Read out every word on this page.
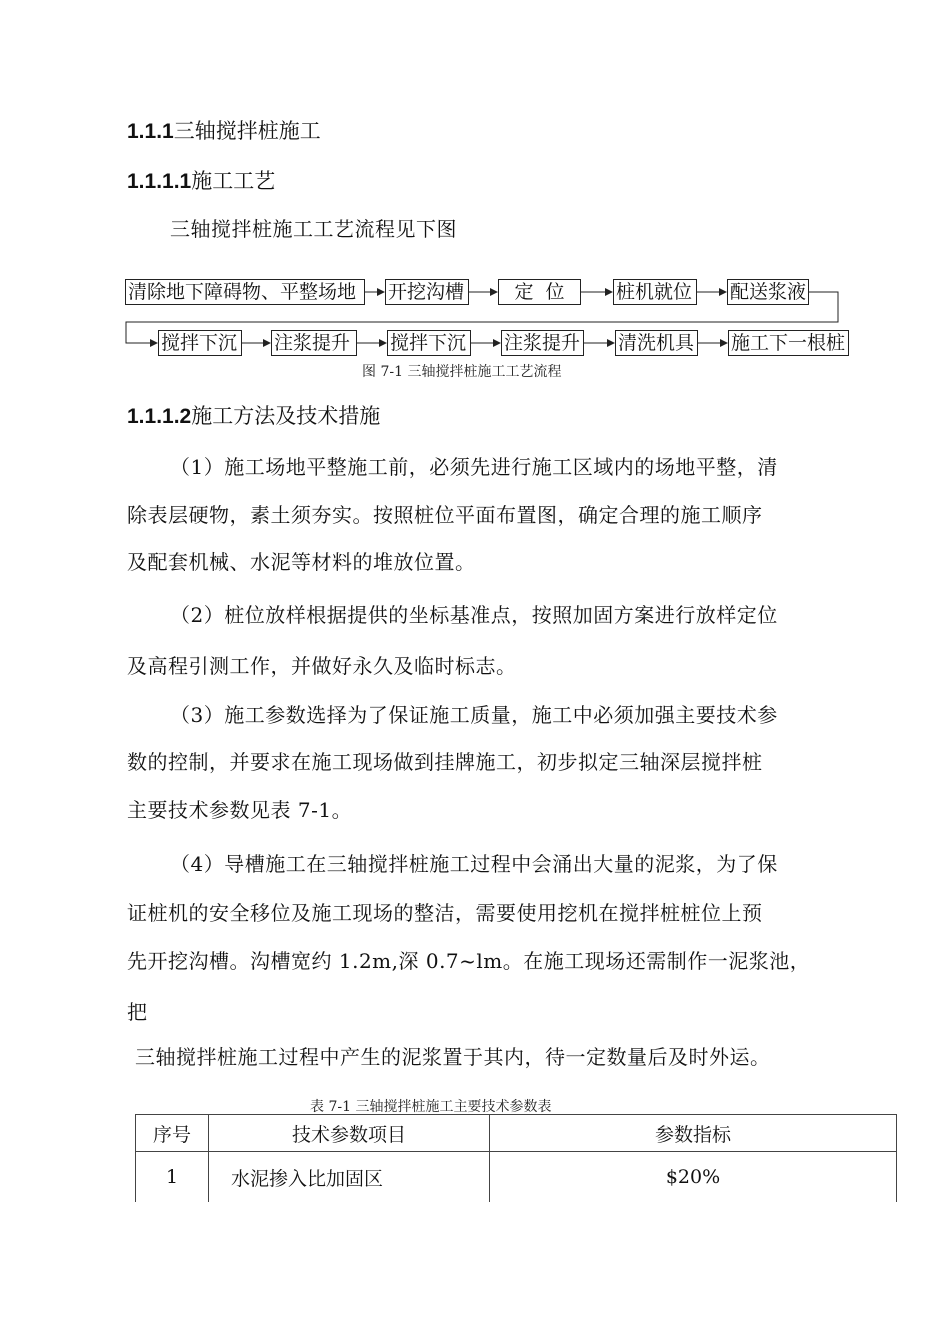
1.1.1三轴搅拌桩施工
1.1.1.1施工工艺
三轴搅拌桩施工工艺流程见下图
清除地下障碍物、平整场地	开挖沟槽	定  位	桩机就位 配送浆液
搅拌下沉 注浆提升	搅拌下沉 注浆提升 清洗机具 施工下一根桩
图 7-1 三轴搅拌桩施工工艺流程
1.1.1.2施工方法及技术措施
（1）施工场地平整施工前，必须先进行施工区域内的场地平整，清
除表层硬物，素土须夯实。按照桩位平面布置图，确定合理的施工顺序
及配套机械、水泥等材料的堆放位置。
（2）桩位放样根据提供的坐标基准点，按照加固方案进行放样定位
及高程引测工作，并做好永久及临时标志。
（3）施工参数选择为了保证施工质量，施工中必须加强主要技术参
数的控制，并要求在施工现场做到挂牌施工，初步拟定三轴深层搅拌桩
主要技术参数见表 7-1。
（4）导槽施工在三轴搅拌桩施工过程中会涌出大量的泥浆，为了保
证桩机的安全移位及施工现场的整洁，需要使用挖机在搅拌桩桩位上预
先开挖沟槽。沟槽宽约 1.2m,深 0.7~lm。在施工现场还需制作一泥浆池，
把
三轴搅拌桩施工过程中产生的泥浆置于其内，待一定数量后及时外运。
表 7-1 三轴搅拌桩施工主要技术参数表
序号	技术参数项目	参数指标
1	水泥掺入比加固区	$20%
